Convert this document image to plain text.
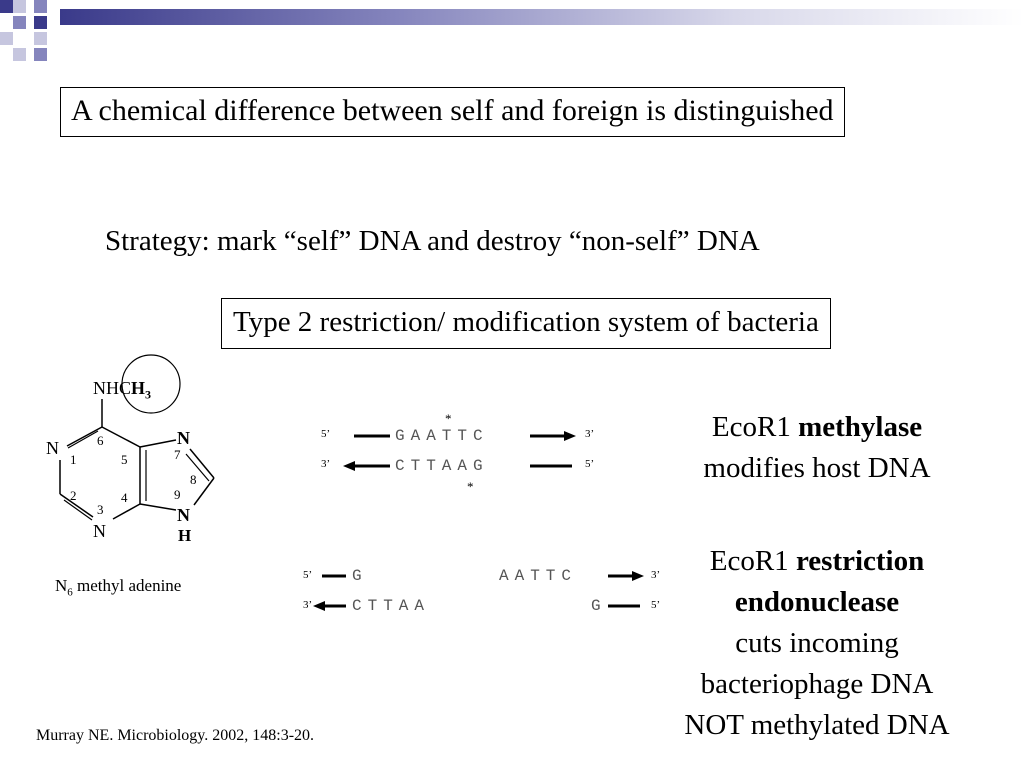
A chemical difference between self and foreign is distinguished
Strategy: mark “self” DNA and destroy “non-self” DNA
Type 2 restriction/ modification system of bacteria
$NHCH_3$
N
N
N
N
H
6
1	5
2	4
3
7
8
9
$N_6$ methyl adenine
*
5’	GAATTC	3’
3’	CTTAAG	5’
*
5’ G	AATTC	3’
3’ CTTAA	G	5’
EcoR1 methylase
modifies host DNA
EcoR1 restriction
endonuclease
cuts incoming
bacteriophage DNA
NOT methylated DNA
Murray NE. Microbiology. 2002, 148:3-20.
